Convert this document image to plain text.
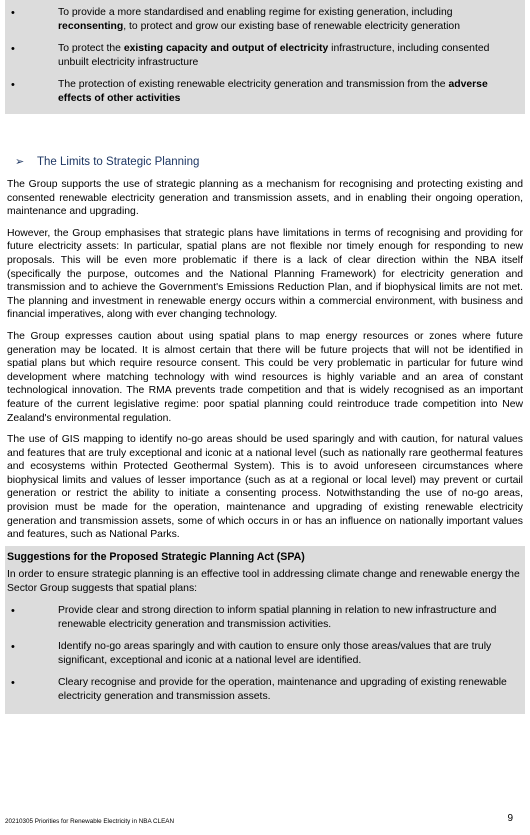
•	To provide a more standardised and enabling regime for existing generation, including reconsenting, to protect and grow our existing base of renewable electricity generation
•	To protect the existing capacity and output of electricity infrastructure, including consented unbuilt electricity infrastructure
•	The protection of existing renewable electricity generation and transmission from the adverse effects of other activities
➢	The Limits to Strategic Planning

The Group supports the use of strategic planning as a mechanism for recognising and protecting existing and consented renewable electricity generation and transmission assets, and in enabling their ongoing operation, maintenance and upgrading.

However, the Group emphasises that strategic plans have limitations in terms of recognising and providing for future electricity assets: In particular, spatial plans are not flexible nor timely enough for responding to new proposals. This will be even more problematic if there is a lack of clear direction within the NBA itself (specifically the purpose, outcomes and the National Planning Framework) for electricity generation and transmission and to achieve the Government's Emissions Reduction Plan, and if biophysical limits are not met. The planning and investment in renewable energy occurs within a commercial environment, with business and financial imperatives, along with ever changing technology.

The Group expresses caution about using spatial plans to map energy resources or zones where future generation may be located. It is almost certain that there will be future projects that will not be identified in spatial plans but which require resource consent. This could be very problematic in particular for future wind development where matching technology with wind resources is highly variable and an area of constant technological innovation. The RMA prevents trade competition and that is widely recognised as an important feature of the current legislative regime: poor spatial planning could reintroduce trade competition into New Zealand's environmental regulation.

The use of GIS mapping to identify no-go areas should be used sparingly and with caution, for natural values and features that are truly exceptional and iconic at a national level (such as nationally rare geothermal features and ecosystems within Protected Geothermal System). This is to avoid unforeseen circumstances where biophysical limits and values of lesser importance (such as at a regional or local level) may prevent or curtail generation or restrict the ability to initiate a consenting process. Notwithstanding the use of no-go areas, provision must be made for the operation, maintenance and upgrading of existing renewable electricity generation and transmission assets, some of which occurs in or has an influence on nationally important values and features, such as National Parks.

Suggestions for the Proposed Strategic Planning Act (SPA)
In order to ensure strategic planning is an effective tool in addressing climate change and renewable energy the Sector Group suggests that spatial plans:
•	Provide clear and strong direction to inform spatial planning in relation to new infrastructure and renewable electricity generation and transmission activities.
•	Identify no-go areas sparingly and with caution to ensure only those areas/values that are truly significant, exceptional and iconic at a national level are identified.
•	Cleary recognise and provide for the operation, maintenance and upgrading of existing renewable electricity generation and transmission assets.
20210305 Priorities for Renewable Electricity in NBA CLEAN	9
